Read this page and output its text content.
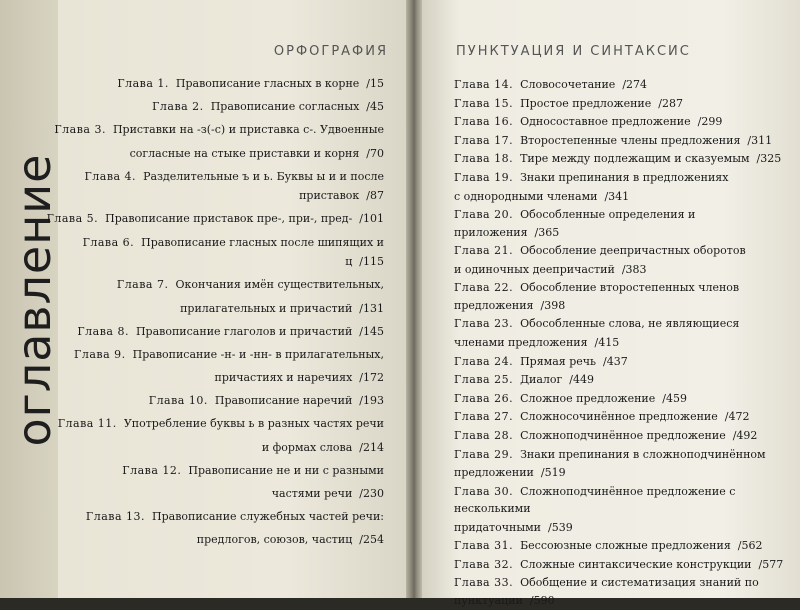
оглавление
ОРФОГРАФИЯ
Глава 1. Правописание гласных в корне /15
Глава 2. Правописание согласных /45
Глава 3. Приставки на -з(-с) и приставка с-. Удвоенные
согласные на стыке приставки и корня /70
Глава 4. Разделительные ъ и ь. Буквы ы и и после приставок /87
Глава 5. Правописание приставок пре-, при-, пред- /101
Глава 6. Правописание гласных после шипящих и ц /115
Глава 7. Окончания имён существительных,
прилагательных и причастий /131
Глава 8. Правописание глаголов и причастий /145
Глава 9. Правописание -н- и -нн- в прилагательных,
причастиях и наречиях /172
Глава 10. Правописание наречий /193
Глава 11. Употребление буквы ь в разных частях речи
и формах слова /214
Глава 12. Правописание не и ни с разными
частями речи /230
Глава 13. Правописание служебных частей речи:
предлогов, союзов, частиц /254
ПУНКТУАЦИЯ И СИНТАКСИС
Глава 14. Словосочетание /274
Глава 15. Простое предложение /287
Глава 16. Односоставное предложение /299
Глава 17. Второстепенные члены предложения /311
Глава 18. Тире между подлежащим и сказуемым /325
Глава 19. Знаки препинания в предложениях
с однородными членами /341
Глава 20. Обособленные определения и приложения /365
Глава 21. Обособление деепричастных оборотов
и одиночных деепричастий /383
Глава 22. Обособление второстепенных членов предложения /398
Глава 23. Обособленные слова, не являющиеся
членами предложения /415
Глава 24. Прямая речь /437
Глава 25. Диалог /449
Глава 26. Сложное предложение /459
Глава 27. Сложносочинённое предложение /472
Глава 28. Сложноподчинённое предложение /492
Глава 29. Знаки препинания в сложноподчинённом
предложении /519
Глава 30. Сложноподчинённое предложение с несколькими
придаточными /539
Глава 31. Бессоюзные сложные предложения /562
Глава 32. Сложные синтаксические конструкции /577
Глава 33. Обобщение и систематизация знаний по пунктуации /590
